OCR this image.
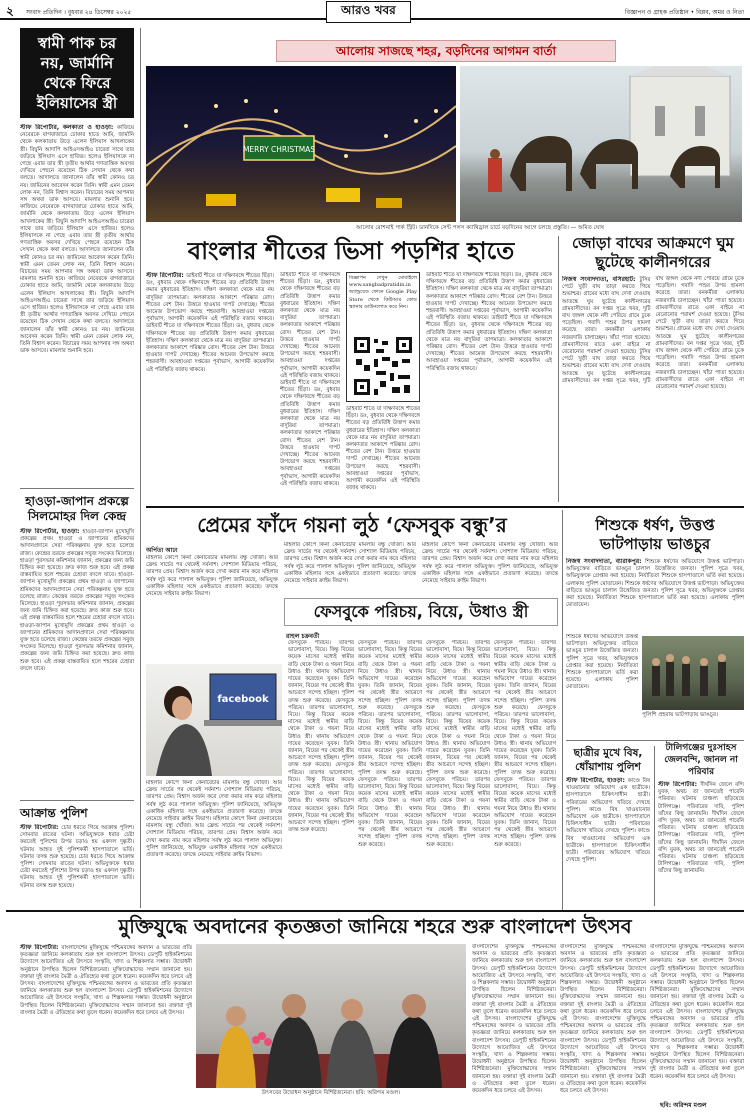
২ সংবাদ প্রতিদিন । বুধবার ২৪ ডিসেম্বর ২০২৫	আরও খবর	বিজ্ঞাপন ও গ্রাহক প্রতিষ্ঠান • বিপ্লব, অমর ও নিতা
স্বামী পাক চর নয়, জার্মানি থেকে ফিরে ইলিয়াসের স্ত্রী
স্টাফ রিপোর্টার, কলকাতা ও হাওড়া: কাজিয়ে নেবেরকে বাগবাজারে ঢোকার হাতে আমি, জার্মানি থেকে কলকাতায় উড়ে এলেন ইলিয়াস আখলাকের স্ত্রী। বিদ্বুনি আদাপি আইএসআইএ চারেরা সাথে তার জড়িয়ে ইলিয়াস এসে হাজির। হলেও ইলিয়াসকে না গেছে এবার তার স্ত্রী তৃতীয় আর্থার গণতান্ত্রিক অবসর দেখিয়ে পেছনে রয়েছেন ঠিক সেখান থেকে কথা বলতে। আদালতে জানালেন তাঁর স্বামী কোনও চর নয়। জামিনের আবেদন করেন তিনি। স্বামী এমন তেমন লোক নন, তিনি বিশ্বাস করেন। বিচারের সময় আপনার সঙ্গ অথবা ডাক আসবে। মামলার শুনানি হবে। কাজিয়ে নেবেরকে বাগবাজারে ঢোকার হাতে আমি, জার্মানি থেকে কলকাতায় উড়ে এলেন ইলিয়াস আখলাকের স্ত্রী। বিদ্বুনি আদাপি আইএসআইএ চারেরা সাথে তার জড়িয়ে ইলিয়াস এসে হাজির। হলেও ইলিয়াসকে না গেছে এবার তার স্ত্রী তৃতীয় আর্থার গণতান্ত্রিক অবসর দেখিয়ে পেছনে রয়েছেন ঠিক সেখান থেকে কথা বলতে। আদালতে জানালেন তাঁর স্বামী কোনও চর নয়। জামিনের আবেদন করেন তিনি। স্বামী এমন তেমন লোক নন, তিনি বিশ্বাস করেন। বিচারের সময় আপনার সঙ্গ অথবা ডাক আসবে। মামলার শুনানি হবে। কাজিয়ে নেবেরকে বাগবাজারে ঢোকার হাতে আমি, জার্মানি থেকে কলকাতায় উড়ে এলেন ইলিয়াস আখলাকের স্ত্রী। বিদ্বুনি আদাপি আইএসআইএ চারেরা সাথে তার জড়িয়ে ইলিয়াস এসে হাজির। হলেও ইলিয়াসকে না গেছে এবার তার স্ত্রী তৃতীয় আর্থার গণতান্ত্রিক অবসর দেখিয়ে পেছনে রয়েছেন ঠিক সেখান থেকে কথা বলতে। আদালতে জানালেন তাঁর স্বামী কোনও চর নয়। জামিনের আবেদন করেন তিনি। স্বামী এমন তেমন লোক নন, তিনি বিশ্বাস করেন। বিচারের সময় আপনার সঙ্গ অথবা ডাক আসবে। মামলার শুনানি হবে।
হাওড়া-জাপান প্রকল্পে সিলমোহর দিল কেন্দ্র
স্টাফ রিপোর্টার, হাওড়া: হাওড়া-জাপান মুখোমুখি প্রকল্পের প্রথম হাওড়া ও জাপানের শ্রমিকদের আদানপ্রদানে সেরা পরিকল্পনায় যুক্ত হতে চলেছে রাজ্য। কেন্দ্রের তরফে প্রকল্পের সবুজ সংকেত মিলেছে। হাওড়া পুরসভার কমিশনার জানান, প্রকল্পের জন্য জমি চিহ্নিত করা হয়েছে। দ্রুত কাজ শুরু হবে। এই প্রকল্প বাস্তবায়িত হলে শহরের চেহারা বদলে যাবে। হাওড়া-জাপান মুখোমুখি প্রকল্পের প্রথম হাওড়া ও জাপানের শ্রমিকদের আদানপ্রদানে সেরা পরিকল্পনায় যুক্ত হতে চলেছে রাজ্য। কেন্দ্রের তরফে প্রকল্পের সবুজ সংকেত মিলেছে। হাওড়া পুরসভার কমিশনার জানান, প্রকল্পের জন্য জমি চিহ্নিত করা হয়েছে। দ্রুত কাজ শুরু হবে। এই প্রকল্প বাস্তবায়িত হলে শহরের চেহারা বদলে যাবে। হাওড়া-জাপান মুখোমুখি প্রকল্পের প্রথম হাওড়া ও জাপানের শ্রমিকদের আদানপ্রদানে সেরা পরিকল্পনায় যুক্ত হতে চলেছে রাজ্য। কেন্দ্রের তরফে প্রকল্পের সবুজ সংকেত মিলেছে। হাওড়া পুরসভার কমিশনার জানান, প্রকল্পের জন্য জমি চিহ্নিত করা হয়েছে। দ্রুত কাজ শুরু হবে। এই প্রকল্প বাস্তবায়িত হলে শহরের চেহারা বদলে যাবে।
আক্রান্ত পুলিশ
স্টাফ রিপোর্টার: চোর ধরতে গিয়ে আক্রান্ত পুলিশ। সোমবার রাতের ঘটনা। অভিযুক্তকে ধরার চেষ্টা করতেই পুলিশের উপর চড়াও হয় একদল দুষ্কৃতী। ঘটনায় আহত দুই পুলিশকর্মী হাসপাতালে ভর্তি। ঘটনার তদন্ত শুরু হয়েছে। চোর ধরতে গিয়ে আক্রান্ত পুলিশ। সোমবার রাতের ঘটনা। অভিযুক্তকে ধরার চেষ্টা করতেই পুলিশের উপর চড়াও হয় একদল দুষ্কৃতী। ঘটনায় আহত দুই পুলিশকর্মী হাসপাতালে ভর্তি। ঘটনার তদন্ত শুরু হয়েছে।
আলোয় সাজছে শহর, বড়দিনের আগমন বার্তা
MERRY CHRISTMAS
আলোর রোশনাই পার্ক স্ট্রিট। ডানদিকে সেন্ট পলস ক্যাথিড্রাল চার্চে বড়দিনের আগে চলছে প্রস্তুতি। — অমিত ঘোষ
বাংলার শীতের ভিসা পড়শির হাতে
স্টাফ রিপোর্টার: ডাইবার্ট শীতে যা দক্ষিণবঙ্গে শীতের ছিঁড়া। ডঃ, বুধবার থেকে দক্ষিণবঙ্গে শীতের বড় প্রতিবিধি উত্তাপ কমার বুধবারের ইতিহাস। দক্ষিণ কলকাতা থেকে মাত্র নয় বাদুরিয়া তাপমাত্রা। কলকাতার আকাশে পরিষ্কার রোদ। শীতের বেশ টান। উত্তরে হাওয়ার দাপট দেখাচ্ছে। শীতের আমেজ উপভোগ করছে শহরবাসী। আবহাওয়া দপ্তরের পূর্বাভাস, আগামী কয়েকদিন এই পরিস্থিতি বজায় থাকবে। ডাইবার্ট শীতে যা দক্ষিণবঙ্গে শীতের ছিঁড়া। ডঃ, বুধবার থেকে দক্ষিণবঙ্গে শীতের বড় প্রতিবিধি উত্তাপ কমার বুধবারের ইতিহাস। দক্ষিণ কলকাতা থেকে মাত্র নয় বাদুরিয়া তাপমাত্রা। কলকাতার আকাশে পরিষ্কার রোদ। শীতের বেশ টান। উত্তরে হাওয়ার দাপট দেখাচ্ছে। শীতের আমেজ উপভোগ করছে শহরবাসী। আবহাওয়া দপ্তরের পূর্বাভাস, আগামী কয়েকদিন এই পরিস্থিতি বজায় থাকবে।
ডাইবার্ট শীতে যা দক্ষিণবঙ্গে শীতের ছিঁড়া। ডঃ, বুধবার থেকে দক্ষিণবঙ্গে শীতের বড় প্রতিবিধি উত্তাপ কমার বুধবারের ইতিহাস। দক্ষিণ কলকাতা থেকে মাত্র নয় বাদুরিয়া তাপমাত্রা। কলকাতার আকাশে পরিষ্কার রোদ। শীতের বেশ টান। উত্তরে হাওয়ার দাপট দেখাচ্ছে। শীতের আমেজ উপভোগ করছে শহরবাসী। আবহাওয়া দপ্তরের পূর্বাভাস, আগামী কয়েকদিন এই পরিস্থিতি বজায় থাকবে। ডাইবার্ট শীতে যা দক্ষিণবঙ্গে শীতের ছিঁড়া। ডঃ, বুধবার থেকে দক্ষিণবঙ্গে শীতের বড় প্রতিবিধি উত্তাপ কমার বুধবারের ইতিহাস। দক্ষিণ কলকাতা থেকে মাত্র নয় বাদুরিয়া তাপমাত্রা। কলকাতার আকাশে পরিষ্কার রোদ। শীতের বেশ টান। উত্তরে হাওয়ার দাপট দেখাচ্ছে। শীতের আমেজ উপভোগ করছে শহরবাসী। আবহাওয়া দপ্তরের পূর্বাভাস, আগামী কয়েকদিন এই পরিস্থিতি বজায় থাকবে।
বিজ্ঞাপন দেখুন মোবাইলে www.sangbadpratidin.in অ্যান্ড্রয়েড ফোনে Google Play Store থেকে কিউআর কোড স্ক্যানার ডাউনলোড করে নিন।
ডাইবার্ট শীতে যা দক্ষিণবঙ্গে শীতের ছিঁড়া। ডঃ, বুধবার থেকে দক্ষিণবঙ্গে শীতের বড় প্রতিবিধি উত্তাপ কমার বুধবারের ইতিহাস। দক্ষিণ কলকাতা থেকে মাত্র নয় বাদুরিয়া তাপমাত্রা। কলকাতার আকাশে পরিষ্কার রোদ। শীতের বেশ টান। উত্তরে হাওয়ার দাপট দেখাচ্ছে। শীতের আমেজ উপভোগ করছে শহরবাসী। আবহাওয়া দপ্তরের পূর্বাভাস, আগামী কয়েকদিন এই পরিস্থিতি বজায় থাকবে।
ডাইবার্ট শীতে যা দক্ষিণবঙ্গে শীতের ছিঁড়া। ডঃ, বুধবার থেকে দক্ষিণবঙ্গে শীতের বড় প্রতিবিধি উত্তাপ কমার বুধবারের ইতিহাস। দক্ষিণ কলকাতা থেকে মাত্র নয় বাদুরিয়া তাপমাত্রা। কলকাতার আকাশে পরিষ্কার রোদ। শীতের বেশ টান। উত্তরে হাওয়ার দাপট দেখাচ্ছে। শীতের আমেজ উপভোগ করছে শহরবাসী। আবহাওয়া দপ্তরের পূর্বাভাস, আগামী কয়েকদিন এই পরিস্থিতি বজায় থাকবে। ডাইবার্ট শীতে যা দক্ষিণবঙ্গে শীতের ছিঁড়া। ডঃ, বুধবার থেকে দক্ষিণবঙ্গে শীতের বড় প্রতিবিধি উত্তাপ কমার বুধবারের ইতিহাস। দক্ষিণ কলকাতা থেকে মাত্র নয় বাদুরিয়া তাপমাত্রা। কলকাতার আকাশে পরিষ্কার রোদ। শীতের বেশ টান। উত্তরে হাওয়ার দাপট দেখাচ্ছে। শীতের আমেজ উপভোগ করছে শহরবাসী। আবহাওয়া দপ্তরের পূর্বাভাস, আগামী কয়েকদিন এই পরিস্থিতি বজায় থাকবে।
জোড়া বাঘের আক্রমণে ঘুম ছুটেছে কালীনগরের
নিজস্ব সংবাদদাতা, বসিরহাট: টুসির পেটে খুড়ী বাঘ তাড়া করতে গিয়ে শুভাশ্চর। গ্রামের মধ্যে বাঘ দেখা দেওয়ায় আতঙ্কে ঘুম ছুটেছে কালীনগরের গ্রামবাসীদের। বন দপ্তর সূত্রে খবর, দুটি বাঘ জঙ্গল থেকে নদী পেরিয়ে গ্রামে ঢুকে পড়েছিল। গবাদি পশুর উপর হামলা করেছে তারা। বনকর্মীরা এলাকায় নজরদারি চালাচ্ছেন। খাঁচা পাতা হয়েছে। গ্রামবাসীদের রাতে একা বাইরে না বেরোনোর পরামর্শ দেওয়া হয়েছে। টুসির পেটে খুড়ী বাঘ তাড়া করতে গিয়ে শুভাশ্চর। গ্রামের মধ্যে বাঘ দেখা দেওয়ায় আতঙ্কে ঘুম ছুটেছে কালীনগরের গ্রামবাসীদের। বন দপ্তর সূত্রে খবর, দুটি বাঘ জঙ্গল থেকে নদী পেরিয়ে গ্রামে ঢুকে পড়েছিল। গবাদি পশুর উপর হামলা করেছে তারা। বনকর্মীরা এলাকায় নজরদারি চালাচ্ছেন। খাঁচা পাতা হয়েছে। গ্রামবাসীদের রাতে একা বাইরে না বেরোনোর পরামর্শ দেওয়া হয়েছে। টুসির পেটে খুড়ী বাঘ তাড়া করতে গিয়ে শুভাশ্চর। গ্রামের মধ্যে বাঘ দেখা দেওয়ায় আতঙ্কে ঘুম ছুটেছে কালীনগরের গ্রামবাসীদের। বন দপ্তর সূত্রে খবর, দুটি বাঘ জঙ্গল থেকে নদী পেরিয়ে গ্রামে ঢুকে পড়েছিল। গবাদি পশুর উপর হামলা করেছে তারা। বনকর্মীরা এলাকায় নজরদারি চালাচ্ছেন। খাঁচা পাতা হয়েছে। গ্রামবাসীদের রাতে একা বাইরে না বেরোনোর পরামর্শ দেওয়া হয়েছে।
প্রেমের ফাঁদে গয়না লুঠ ‘ফেসবুক বন্ধু’র
অর্পিতা আঢ্য
মহিলার কোপে কিনা কেনাবেচার মামলায় বন্ধু খোঁজা। আর ফ্রেন্ড সার্চের পর থেকেই সর্বনাশ। সোশ্যাল মিডিয়ায় পরিচয়, তারপর প্রেম। বিশ্বাস অর্জন করে দেখা করার নাম করে মহিলার সর্বস্ব লুঠ করে পালাল অভিযুক্ত। পুলিশ জানিয়েছে, অভিযুক্ত একাধিক মহিলার সঙ্গে একইভাবে প্রতারণা করেছে। তদন্তে নেমেছে সাইবার ক্রাইম বিভাগ।
মহিলার কোপে কিনা কেনাবেচার মামলায় বন্ধু খোঁজা। আর ফ্রেন্ড সার্চের পর থেকেই সর্বনাশ। সোশ্যাল মিডিয়ায় পরিচয়, তারপর প্রেম। বিশ্বাস অর্জন করে দেখা করার নাম করে মহিলার সর্বস্ব লুঠ করে পালাল অভিযুক্ত। পুলিশ জানিয়েছে, অভিযুক্ত একাধিক মহিলার সঙ্গে একইভাবে প্রতারণা করেছে। তদন্তে নেমেছে সাইবার ক্রাইম বিভাগ।
মহিলার কোপে কিনা কেনাবেচার মামলায় বন্ধু খোঁজা। আর ফ্রেন্ড সার্চের পর থেকেই সর্বনাশ। সোশ্যাল মিডিয়ায় পরিচয়, তারপর প্রেম। বিশ্বাস অর্জন করে দেখা করার নাম করে মহিলার সর্বস্ব লুঠ করে পালাল অভিযুক্ত। পুলিশ জানিয়েছে, অভিযুক্ত একাধিক মহিলার সঙ্গে একইভাবে প্রতারণা করেছে। তদন্তে নেমেছে সাইবার ক্রাইম বিভাগ।
ফেসবুকে পরিচয়, বিয়ে, উধাও স্ত্রী
রাহুল চক্রবর্তী
facebook
মহিলার কোপে কিনা কেনাবেচার মামলায় বন্ধু খোঁজা। আর ফ্রেন্ড সার্চের পর থেকেই সর্বনাশ। সোশ্যাল মিডিয়ায় পরিচয়, তারপর প্রেম। বিশ্বাস অর্জন করে দেখা করার নাম করে মহিলার সর্বস্ব লুঠ করে পালাল অভিযুক্ত। পুলিশ জানিয়েছে, অভিযুক্ত একাধিক মহিলার সঙ্গে একইভাবে প্রতারণা করেছে। তদন্তে নেমেছে সাইবার ক্রাইম বিভাগ। মহিলার কোপে কিনা কেনাবেচার মামলায় বন্ধু খোঁজা। আর ফ্রেন্ড সার্চের পর থেকেই সর্বনাশ। সোশ্যাল মিডিয়ায় পরিচয়, তারপর প্রেম। বিশ্বাস অর্জন করে দেখা করার নাম করে মহিলার সর্বস্ব লুঠ করে পালাল অভিযুক্ত। পুলিশ জানিয়েছে, অভিযুক্ত একাধিক মহিলার সঙ্গে একইভাবে প্রতারণা করেছে। তদন্তে নেমেছে সাইবার ক্রাইম বিভাগ।
ফেসবুকে পরিচয়। তারপর ভালোবাসা, বিয়ে। কিন্তু বিয়ের কয়েক মাসের মধ্যেই স্বামীর বাড়ি থেকে টাকা ও গয়না নিয়ে উধাও স্ত্রী। থানায় অভিযোগ দায়ের করেছেন যুবক। তিনি জানান, বিয়ের পর থেকেই স্ত্রীর আচরণে সন্দেহ হচ্ছিল। পুলিশ তদন্ত শুরু করেছে। ফেসবুকে পরিচয়। তারপর ভালোবাসা, বিয়ে। কিন্তু বিয়ের কয়েক মাসের মধ্যেই স্বামীর বাড়ি থেকে টাকা ও গয়না নিয়ে উধাও স্ত্রী। থানায় অভিযোগ দায়ের করেছেন যুবক। তিনি জানান, বিয়ের পর থেকেই স্ত্রীর আচরণে সন্দেহ হচ্ছিল। পুলিশ তদন্ত শুরু করেছে। ফেসবুকে পরিচয়। তারপর ভালোবাসা, বিয়ে। কিন্তু বিয়ের কয়েক মাসের মধ্যেই স্বামীর বাড়ি থেকে টাকা ও গয়না নিয়ে উধাও স্ত্রী। থানায় অভিযোগ দায়ের করেছেন যুবক। তিনি জানান, বিয়ের পর থেকেই স্ত্রীর আচরণে সন্দেহ হচ্ছিল। পুলিশ তদন্ত শুরু করেছে।
ফেসবুকে পরিচয়। তারপর ভালোবাসা, বিয়ে। কিন্তু বিয়ের কয়েক মাসের মধ্যেই স্বামীর বাড়ি থেকে টাকা ও গয়না নিয়ে উধাও স্ত্রী। থানায় অভিযোগ দায়ের করেছেন যুবক। তিনি জানান, বিয়ের পর থেকেই স্ত্রীর আচরণে সন্দেহ হচ্ছিল। পুলিশ তদন্ত শুরু করেছে। ফেসবুকে পরিচয়। তারপর ভালোবাসা, বিয়ে। কিন্তু বিয়ের কয়েক মাসের মধ্যেই স্বামীর বাড়ি থেকে টাকা ও গয়না নিয়ে উধাও স্ত্রী। থানায় অভিযোগ দায়ের করেছেন যুবক। তিনি জানান, বিয়ের পর থেকেই স্ত্রীর আচরণে সন্দেহ হচ্ছিল। পুলিশ তদন্ত শুরু করেছে। ফেসবুকে পরিচয়। তারপর ভালোবাসা, বিয়ে। কিন্তু বিয়ের কয়েক মাসের মধ্যেই স্বামীর বাড়ি থেকে টাকা ও গয়না নিয়ে উধাও স্ত্রী। থানায় অভিযোগ দায়ের করেছেন যুবক। তিনি জানান, বিয়ের পর থেকেই স্ত্রীর আচরণে সন্দেহ হচ্ছিল। পুলিশ তদন্ত শুরু করেছে।
ফেসবুকে পরিচয়। তারপর ভালোবাসা, বিয়ে। কিন্তু বিয়ের কয়েক মাসের মধ্যেই স্বামীর বাড়ি থেকে টাকা ও গয়না নিয়ে উধাও স্ত্রী। থানায় অভিযোগ দায়ের করেছেন যুবক। তিনি জানান, বিয়ের পর থেকেই স্ত্রীর আচরণে সন্দেহ হচ্ছিল। পুলিশ তদন্ত শুরু করেছে। ফেসবুকে পরিচয়। তারপর ভালোবাসা, বিয়ে। কিন্তু বিয়ের কয়েক মাসের মধ্যেই স্বামীর বাড়ি থেকে টাকা ও গয়না নিয়ে উধাও স্ত্রী। থানায় অভিযোগ দায়ের করেছেন যুবক। তিনি জানান, বিয়ের পর থেকেই স্ত্রীর আচরণে সন্দেহ হচ্ছিল। পুলিশ তদন্ত শুরু করেছে। ফেসবুকে পরিচয়। তারপর ভালোবাসা, বিয়ে। কিন্তু বিয়ের কয়েক মাসের মধ্যেই স্বামীর বাড়ি থেকে টাকা ও গয়না নিয়ে উধাও স্ত্রী। থানায় অভিযোগ দায়ের করেছেন যুবক। তিনি জানান, বিয়ের পর থেকেই স্ত্রীর আচরণে সন্দেহ হচ্ছিল। পুলিশ তদন্ত শুরু করেছে।
ফেসবুকে পরিচয়। তারপর ভালোবাসা, বিয়ে। কিন্তু বিয়ের কয়েক মাসের মধ্যেই স্বামীর বাড়ি থেকে টাকা ও গয়না নিয়ে উধাও স্ত্রী। থানায় অভিযোগ দায়ের করেছেন যুবক। তিনি জানান, বিয়ের পর থেকেই স্ত্রীর আচরণে সন্দেহ হচ্ছিল। পুলিশ তদন্ত শুরু করেছে। ফেসবুকে পরিচয়। তারপর ভালোবাসা, বিয়ে। কিন্তু বিয়ের কয়েক মাসের মধ্যেই স্বামীর বাড়ি থেকে টাকা ও গয়না নিয়ে উধাও স্ত্রী। থানায় অভিযোগ দায়ের করেছেন যুবক। তিনি জানান, বিয়ের পর থেকেই স্ত্রীর আচরণে সন্দেহ হচ্ছিল। পুলিশ তদন্ত শুরু করেছে। ফেসবুকে পরিচয়। তারপর ভালোবাসা, বিয়ে। কিন্তু বিয়ের কয়েক মাসের মধ্যেই স্বামীর বাড়ি থেকে টাকা ও গয়না নিয়ে উধাও স্ত্রী। থানায় অভিযোগ দায়ের করেছেন যুবক। তিনি জানান, বিয়ের পর থেকেই স্ত্রীর আচরণে সন্দেহ হচ্ছিল। পুলিশ তদন্ত শুরু করেছে।
শিশুকে ধর্ষণ, উত্তপ্ত ভাটপাড়ায় ভাঙচুর
নিজস্ব সংবাদদাতা, ব্যারাকপুর: শিশুকে ধর্ষণের অভিযোগে উত্তপ্ত ভাটপাড়া। অভিযুক্তের বাড়িতে ভাঙচুর চালাল উত্তেজিত জনতা। পুলিশ সূত্রে খবর, অভিযুক্তকে গ্রেপ্তার করা হয়েছে। নির্যাতিতা শিশুকে হাসপাতালে ভর্তি করা হয়েছে। এলাকায় পুলিশ মোতায়েন। শিশুকে ধর্ষণের অভিযোগে উত্তপ্ত ভাটপাড়া। অভিযুক্তের বাড়িতে ভাঙচুর চালাল উত্তেজিত জনতা। পুলিশ সূত্রে খবর, অভিযুক্তকে গ্রেপ্তার করা হয়েছে। নির্যাতিতা শিশুকে হাসপাতালে ভর্তি করা হয়েছে। এলাকায় পুলিশ মোতায়েন।
শিশুকে ধর্ষণের অভিযোগে উত্তপ্ত ভাটপাড়া। অভিযুক্তের বাড়িতে ভাঙচুর চালাল উত্তেজিত জনতা। পুলিশ সূত্রে খবর, অভিযুক্তকে গ্রেপ্তার করা হয়েছে। নির্যাতিতা শিশুকে হাসপাতালে ভর্তি করা হয়েছে। এলাকায় পুলিশ মোতায়েন।
পুলিশি প্রহরায় ভাটপাড়ায় ভাঙচুর।
ছাত্রীর মুখে বিষ, ধোঁয়াশায় পুলিশ
স্টাফ রিপোর্টার, হাওড়া: কাণ্ডে বিষ খাওয়ানোর অভিযোগ এক ছাত্রীকে। হাসপাতালে চিকিৎসাধীন ছাত্রী। পরিবারের অভিযোগ খতিয়ে দেখছে পুলিশ। কাণ্ডে বিষ খাওয়ানোর অভিযোগ এক ছাত্রীকে। হাসপাতালে চিকিৎসাধীন ছাত্রী। পরিবারের অভিযোগ খতিয়ে দেখছে পুলিশ। কাণ্ডে বিষ খাওয়ানোর অভিযোগ এক ছাত্রীকে। হাসপাতালে চিকিৎসাধীন ছাত্রী। পরিবারের অভিযোগ খতিয়ে দেখছে পুলিশ।
টালিগঞ্জের দুঃসাহস জেলবন্দি, জানল না পরিবার
স্টাফ রিপোর্টার: দীর্ঘদিন জেলে বন্দি যুবক, অথচ তা জানতেই পারেনি পরিবার। ঘটনায় চাঞ্চল্য ছড়িয়েছে টালিগঞ্জে। পরিবারের দাবি, পুলিশ তাঁদের কিছু জানায়নি। দীর্ঘদিন জেলে বন্দি যুবক, অথচ তা জানতেই পারেনি পরিবার। ঘটনায় চাঞ্চল্য ছড়িয়েছে টালিগঞ্জে। পরিবারের দাবি, পুলিশ তাঁদের কিছু জানায়নি। দীর্ঘদিন জেলে বন্দি যুবক, অথচ তা জানতেই পারেনি পরিবার। ঘটনায় চাঞ্চল্য ছড়িয়েছে টালিগঞ্জে। পরিবারের দাবি, পুলিশ তাঁদের কিছু জানায়নি।
মুক্তিযুদ্ধে অবদানের কৃতজ্ঞতা জানিয়ে শহরে শুরু বাংলাদেশ উৎসব
স্টাফ রিপোর্টার: বাংলাদেশের মুক্তিযুদ্ধে পশ্চিমবঙ্গের অবদান ও ভারতের প্রতি কৃতজ্ঞতা জানিয়ে কলকাতায় শুরু হল বাংলাদেশ উৎসব। ডেপুটি হাইকমিশনের উদ্যোগে আয়োজিত এই উৎসবে সংস্কৃতি, খাদ্য ও শিল্পকলার সম্ভার। উদ্বোধনী অনুষ্ঠানে উপস্থিত ছিলেন বিশিষ্টজনেরা। মুক্তিযোদ্ধাদের সম্মান জানানো হয়। বক্তারা দুই বাংলার মৈত্রী ও ঐতিহ্যের কথা তুলে ধরেন। কয়েকদিন ধরে চলবে এই উৎসব। বাংলাদেশের মুক্তিযুদ্ধে পশ্চিমবঙ্গের অবদান ও ভারতের প্রতি কৃতজ্ঞতা জানিয়ে কলকাতায় শুরু হল বাংলাদেশ উৎসব। ডেপুটি হাইকমিশনের উদ্যোগে আয়োজিত এই উৎসবে সংস্কৃতি, খাদ্য ও শিল্পকলার সম্ভার। উদ্বোধনী অনুষ্ঠানে উপস্থিত ছিলেন বিশিষ্টজনেরা। মুক্তিযোদ্ধাদের সম্মান জানানো হয়। বক্তারা দুই বাংলার মৈত্রী ও ঐতিহ্যের কথা তুলে ধরেন। কয়েকদিন ধরে চলবে এই উৎসব।
উৎসবের উদ্বোধন অনুষ্ঠানে বিশিষ্টজনেরা। ছবি: অরিন্দম মণ্ডল।
বাংলাদেশের মুক্তিযুদ্ধে পশ্চিমবঙ্গের অবদান ও ভারতের প্রতি কৃতজ্ঞতা জানিয়ে কলকাতায় শুরু হল বাংলাদেশ উৎসব। ডেপুটি হাইকমিশনের উদ্যোগে আয়োজিত এই উৎসবে সংস্কৃতি, খাদ্য ও শিল্পকলার সম্ভার। উদ্বোধনী অনুষ্ঠানে উপস্থিত ছিলেন বিশিষ্টজনেরা। মুক্তিযোদ্ধাদের সম্মান জানানো হয়। বক্তারা দুই বাংলার মৈত্রী ও ঐতিহ্যের কথা তুলে ধরেন। কয়েকদিন ধরে চলবে এই উৎসব। বাংলাদেশের মুক্তিযুদ্ধে পশ্চিমবঙ্গের অবদান ও ভারতের প্রতি কৃতজ্ঞতা জানিয়ে কলকাতায় শুরু হল বাংলাদেশ উৎসব। ডেপুটি হাইকমিশনের উদ্যোগে আয়োজিত এই উৎসবে সংস্কৃতি, খাদ্য ও শিল্পকলার সম্ভার। উদ্বোধনী অনুষ্ঠানে উপস্থিত ছিলেন বিশিষ্টজনেরা। মুক্তিযোদ্ধাদের সম্মান জানানো হয়। বক্তারা দুই বাংলার মৈত্রী ও ঐতিহ্যের কথা তুলে ধরেন। কয়েকদিন ধরে চলবে এই উৎসব।
বাংলাদেশের মুক্তিযুদ্ধে পশ্চিমবঙ্গের অবদান ও ভারতের প্রতি কৃতজ্ঞতা জানিয়ে কলকাতায় শুরু হল বাংলাদেশ উৎসব। ডেপুটি হাইকমিশনের উদ্যোগে আয়োজিত এই উৎসবে সংস্কৃতি, খাদ্য ও শিল্পকলার সম্ভার। উদ্বোধনী অনুষ্ঠানে উপস্থিত ছিলেন বিশিষ্টজনেরা। মুক্তিযোদ্ধাদের সম্মান জানানো হয়। বক্তারা দুই বাংলার মৈত্রী ও ঐতিহ্যের কথা তুলে ধরেন। কয়েকদিন ধরে চলবে এই উৎসব। বাংলাদেশের মুক্তিযুদ্ধে পশ্চিমবঙ্গের অবদান ও ভারতের প্রতি কৃতজ্ঞতা জানিয়ে কলকাতায় শুরু হল বাংলাদেশ উৎসব। ডেপুটি হাইকমিশনের উদ্যোগে আয়োজিত এই উৎসবে সংস্কৃতি, খাদ্য ও শিল্পকলার সম্ভার। উদ্বোধনী অনুষ্ঠানে উপস্থিত ছিলেন বিশিষ্টজনেরা। মুক্তিযোদ্ধাদের সম্মান জানানো হয়। বক্তারা দুই বাংলার মৈত্রী ও ঐতিহ্যের কথা তুলে ধরেন। কয়েকদিন ধরে চলবে এই উৎসব।
বাংলাদেশের মুক্তিযুদ্ধে পশ্চিমবঙ্গের অবদান ও ভারতের প্রতি কৃতজ্ঞতা জানিয়ে কলকাতায় শুরু হল বাংলাদেশ উৎসব। ডেপুটি হাইকমিশনের উদ্যোগে আয়োজিত এই উৎসবে সংস্কৃতি, খাদ্য ও শিল্পকলার সম্ভার। উদ্বোধনী অনুষ্ঠানে উপস্থিত ছিলেন বিশিষ্টজনেরা। মুক্তিযোদ্ধাদের সম্মান জানানো হয়। বক্তারা দুই বাংলার মৈত্রী ও ঐতিহ্যের কথা তুলে ধরেন। কয়েকদিন ধরে চলবে এই উৎসব। বাংলাদেশের মুক্তিযুদ্ধে পশ্চিমবঙ্গের অবদান ও ভারতের প্রতি কৃতজ্ঞতা জানিয়ে কলকাতায় শুরু হল বাংলাদেশ উৎসব। ডেপুটি হাইকমিশনের উদ্যোগে আয়োজিত এই উৎসবে সংস্কৃতি, খাদ্য ও শিল্পকলার সম্ভার। উদ্বোধনী অনুষ্ঠানে উপস্থিত ছিলেন বিশিষ্টজনেরা। মুক্তিযোদ্ধাদের সম্মান জানানো হয়। বক্তারা দুই বাংলার মৈত্রী ও ঐতিহ্যের কথা তুলে ধরেন। কয়েকদিন ধরে চলবে এই উৎসব।
ছবি: অরিন্দম মণ্ডল
